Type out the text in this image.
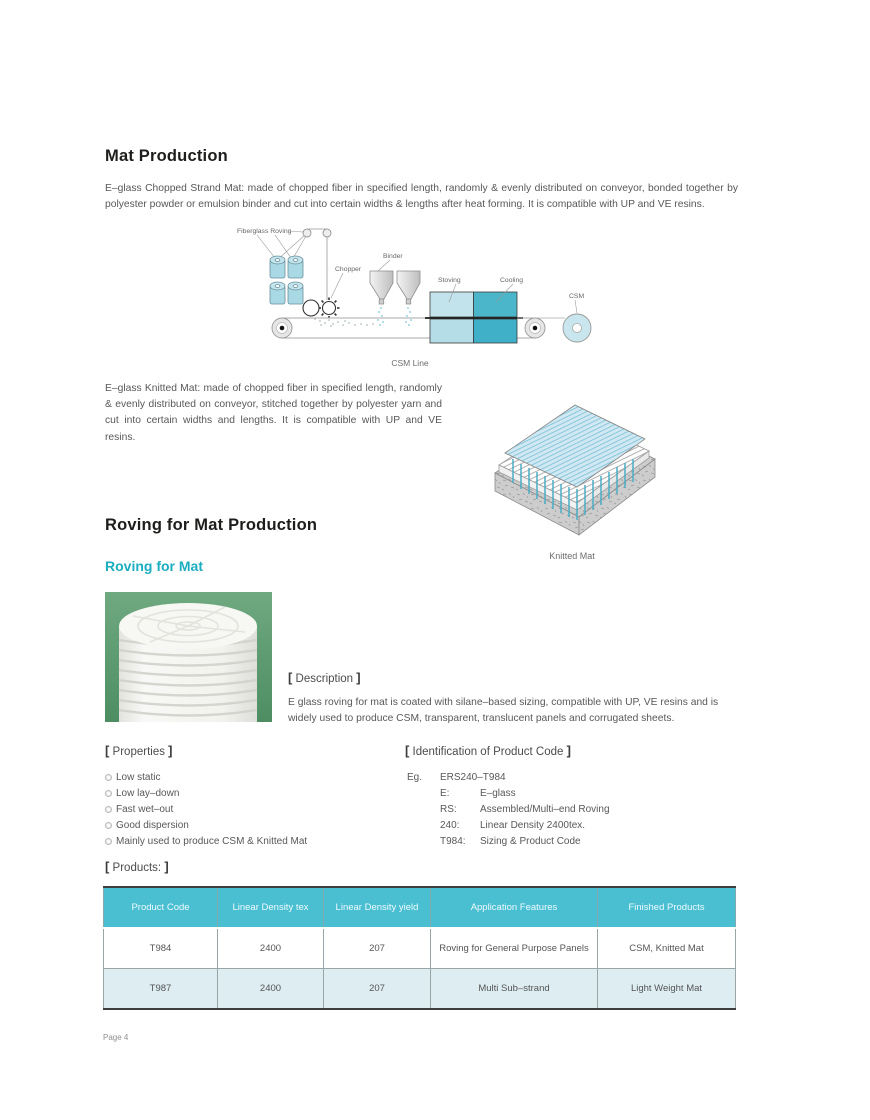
Mat Production
E–glass Chopped Strand Mat: made of chopped fiber in specified length, randomly & evenly distributed on conveyor, bonded together by polyester powder or emulsion binder and cut into certain widths & lengths after heat forming. It is compatible with UP and VE resins.
Fiberglass Roving
Chopper
Binder
Stoving	Cooling
CSM
CSM Line
E–glass Knitted Mat: made of chopped fiber in specified length, randomly & evenly distributed on conveyor, stitched together by polyester yarn and cut into certain widths and lengths. It is compatible with UP and VE resins.
Knitted Mat
Roving for Mat Production
Roving for Mat
[ Description ]
E glass roving for mat is coated with silane–based sizing, compatible with UP, VE resins and is widely used to produce CSM, transparent, translucent panels and corrugated sheets.
[ Properties ]
Low static
Low lay–down
Fast wet–out
Good dispersion
Mainly used to produce CSM & Knitted Mat
[ Identification of Product Code ]
Eg.	ERS240–T984
E:	E–glass
RS:	Assembled/Multi–end Roving
240:	Linear Density 2400tex.
T984:	Sizing & Product Code
[ Products: ]
Product Code	Linear Density tex	Linear Density yield	Application Features	Finished Products
T984	2400	207	Roving for General Purpose Panels	CSM, Knitted Mat
T987	2400	207	Multi Sub–strand	Light Weight Mat
Page 4
